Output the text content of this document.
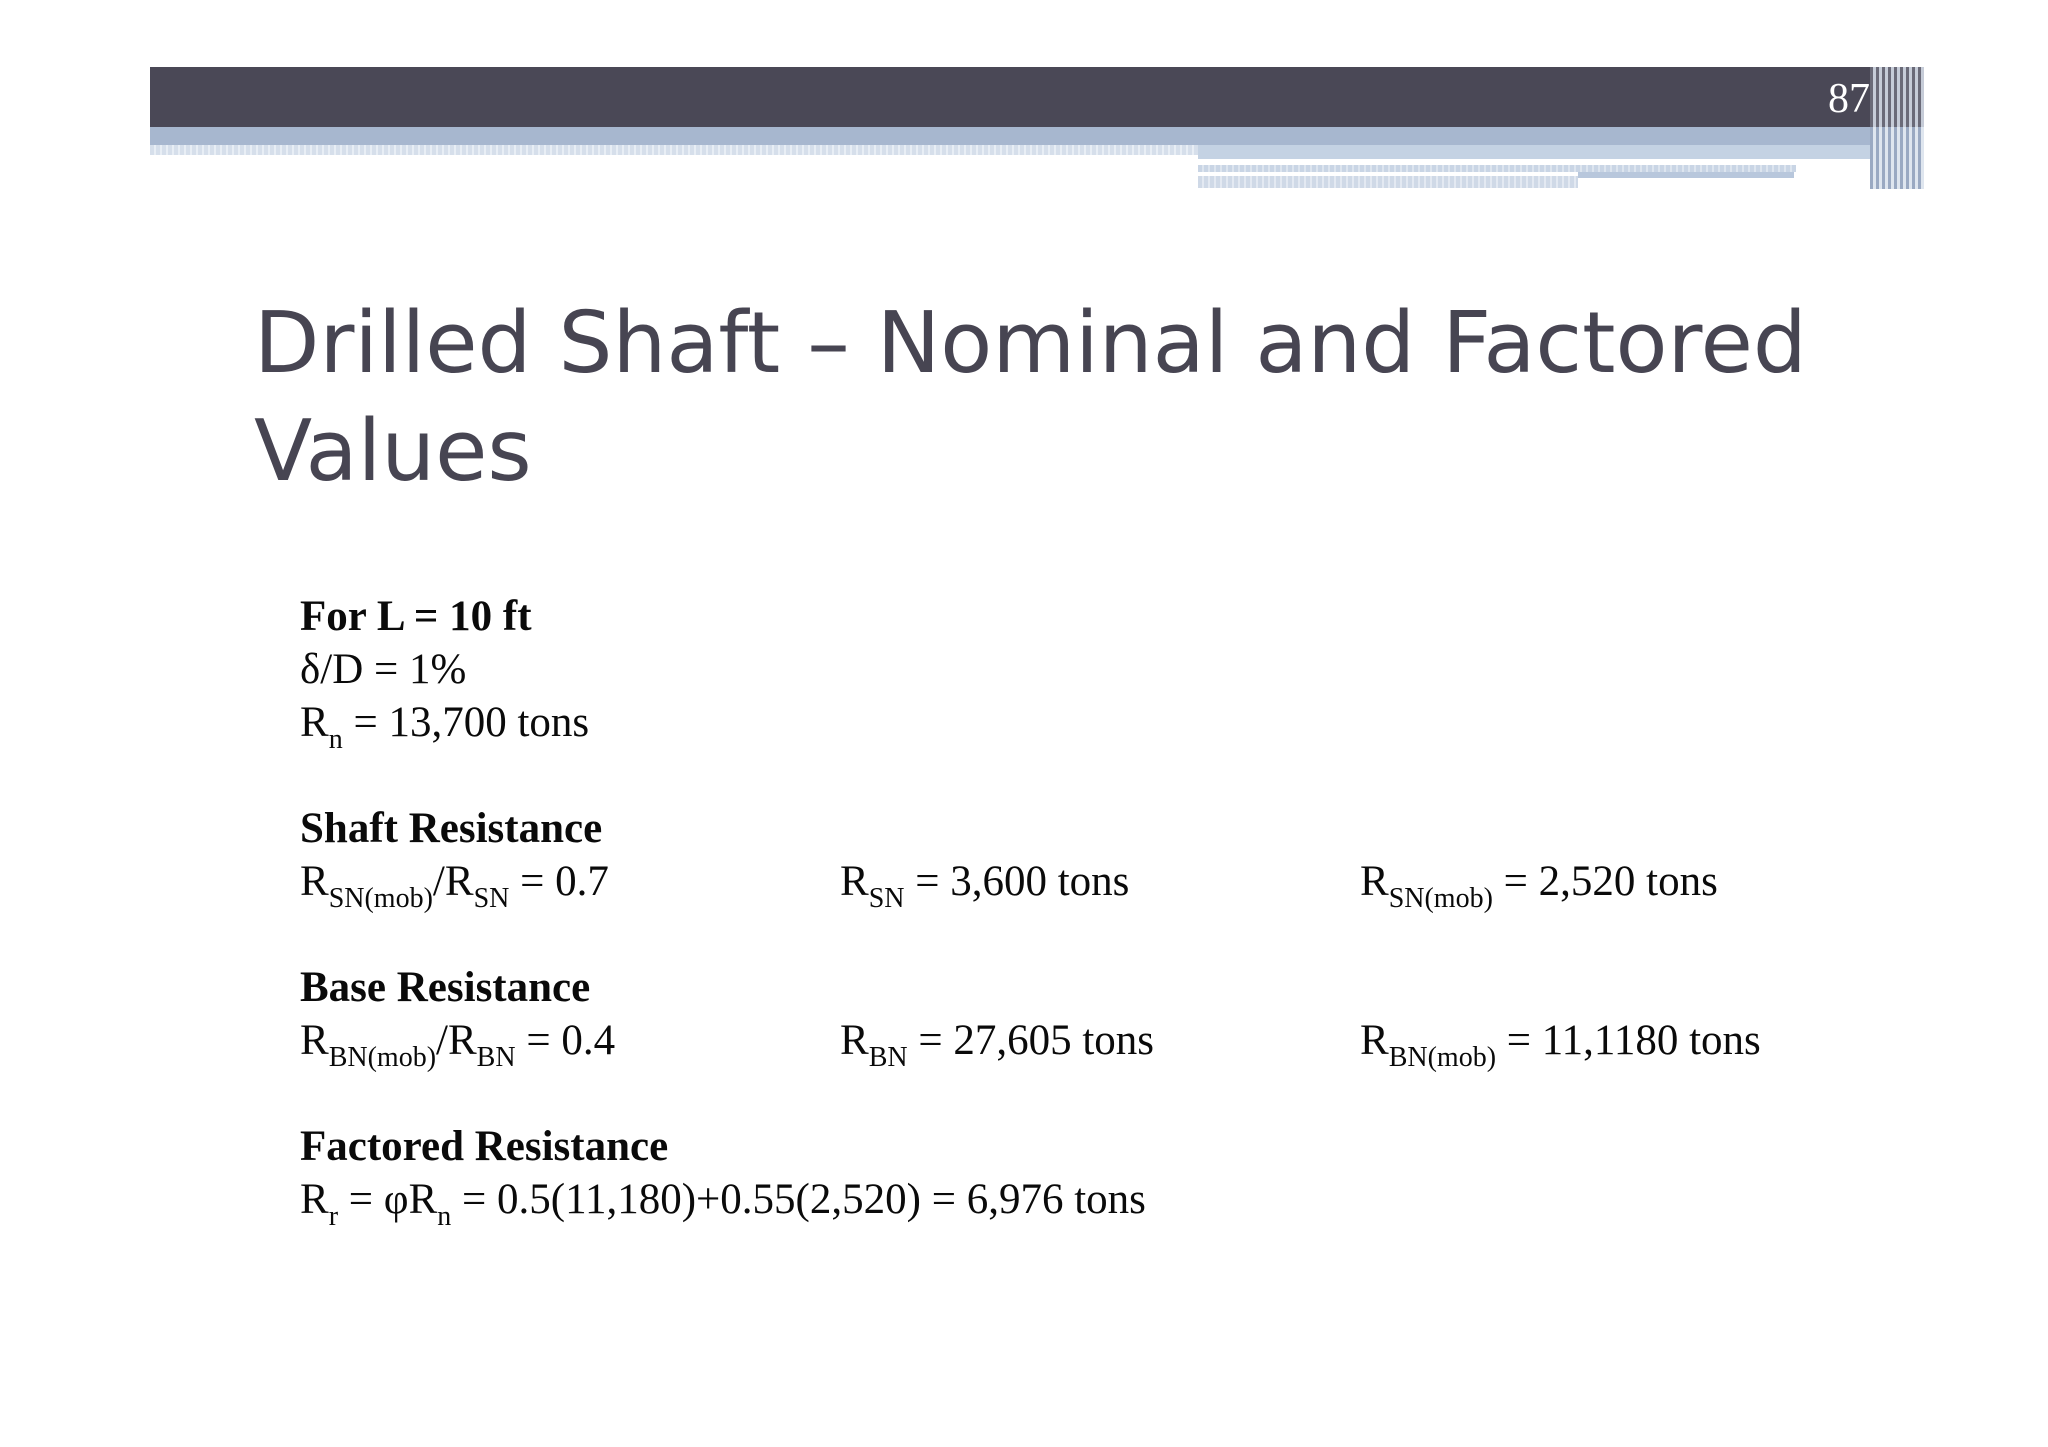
87
Drilled Shaft – Nominal and Factored
Values
For L = 10 ft
δ/D = 1%
$R_n = 13,700$ tons
Shaft Resistance
$R_{SN(mob)}/R_{SN} = 0.7$	$R_{SN} = 3,600$ tons	$R_{SN(mob)} = 2,520$ tons
Base Resistance
$R_{BN(mob)}/R_{BN} = 0.4$	$R_{BN} = 27,605$ tons	$R_{BN(mob)} = 11,1180$ tons
Factored Resistance
$R_r = \varphi R_n = 0.5(11,180)+0.55(2,520) = 6,976$ tons
